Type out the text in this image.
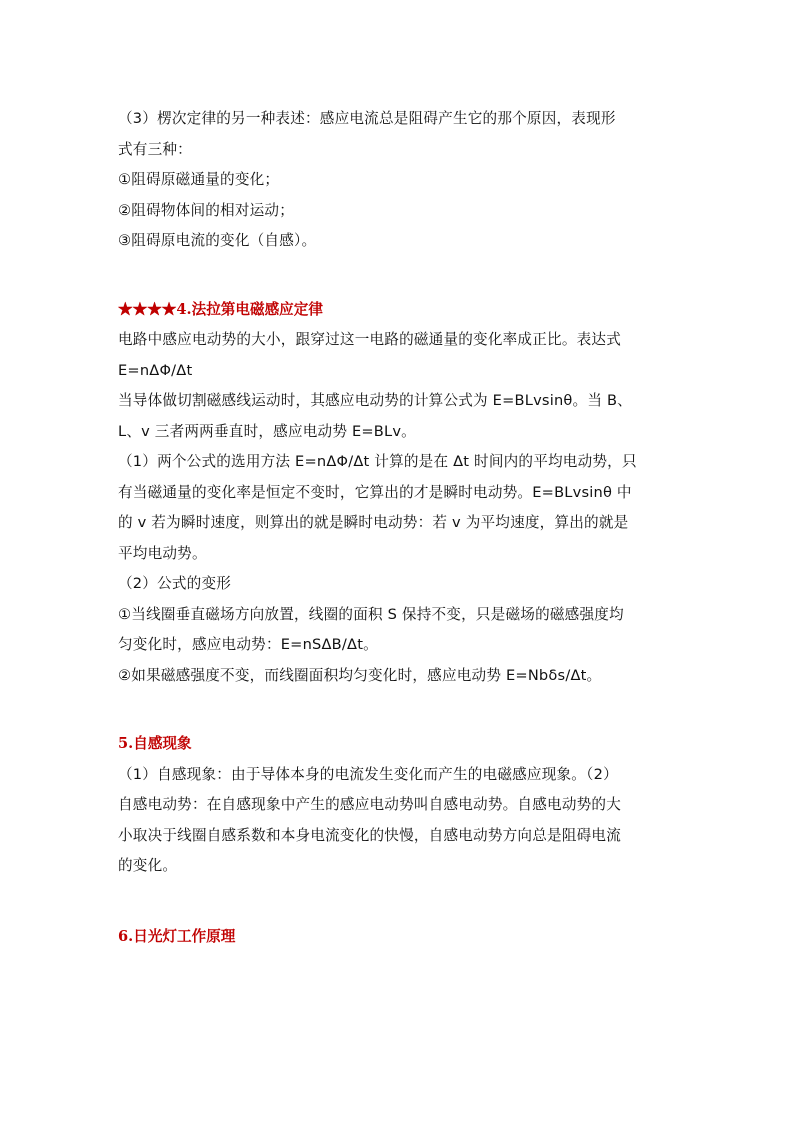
（3）楞次定律的另一种表述：感应电流总是阻碍产生它的那个原因，表现形
式有三种：
①阻碍原磁通量的变化；
②阻碍物体间的相对运动；
③阻碍原电流的变化（自感）。
★★★★4.法拉第电磁感应定律
电路中感应电动势的大小，跟穿过这一电路的磁通量的变化率成正比。表达式
E=nΔΦ/Δt
当导体做切割磁感线运动时，其感应电动势的计算公式为 E=BLvsinθ。当 B、
L、v 三者两两垂直时，感应电动势 E=BLv。
（1）两个公式的选用方法 E=nΔΦ/Δt 计算的是在 Δt 时间内的平均电动势，只
有当磁通量的变化率是恒定不变时，它算出的才是瞬时电动势。E=BLvsinθ 中
的 v 若为瞬时速度，则算出的就是瞬时电动势：若 v 为平均速度，算出的就是
平均电动势。
（2）公式的变形
①当线圈垂直磁场方向放置，线圈的面积 S 保持不变，只是磁场的磁感强度均
匀变化时，感应电动势：E=nSΔB/Δt。
②如果磁感强度不变，而线圈面积均匀变化时，感应电动势 E=Nbδs/Δt。
5.自感现象
（1）自感现象：由于导体本身的电流发生变化而产生的电磁感应现象。（2）
自感电动势：在自感现象中产生的感应电动势叫自感电动势。自感电动势的大
小取决于线圈自感系数和本身电流变化的快慢，自感电动势方向总是阻碍电流
的变化。
6.日光灯工作原理
